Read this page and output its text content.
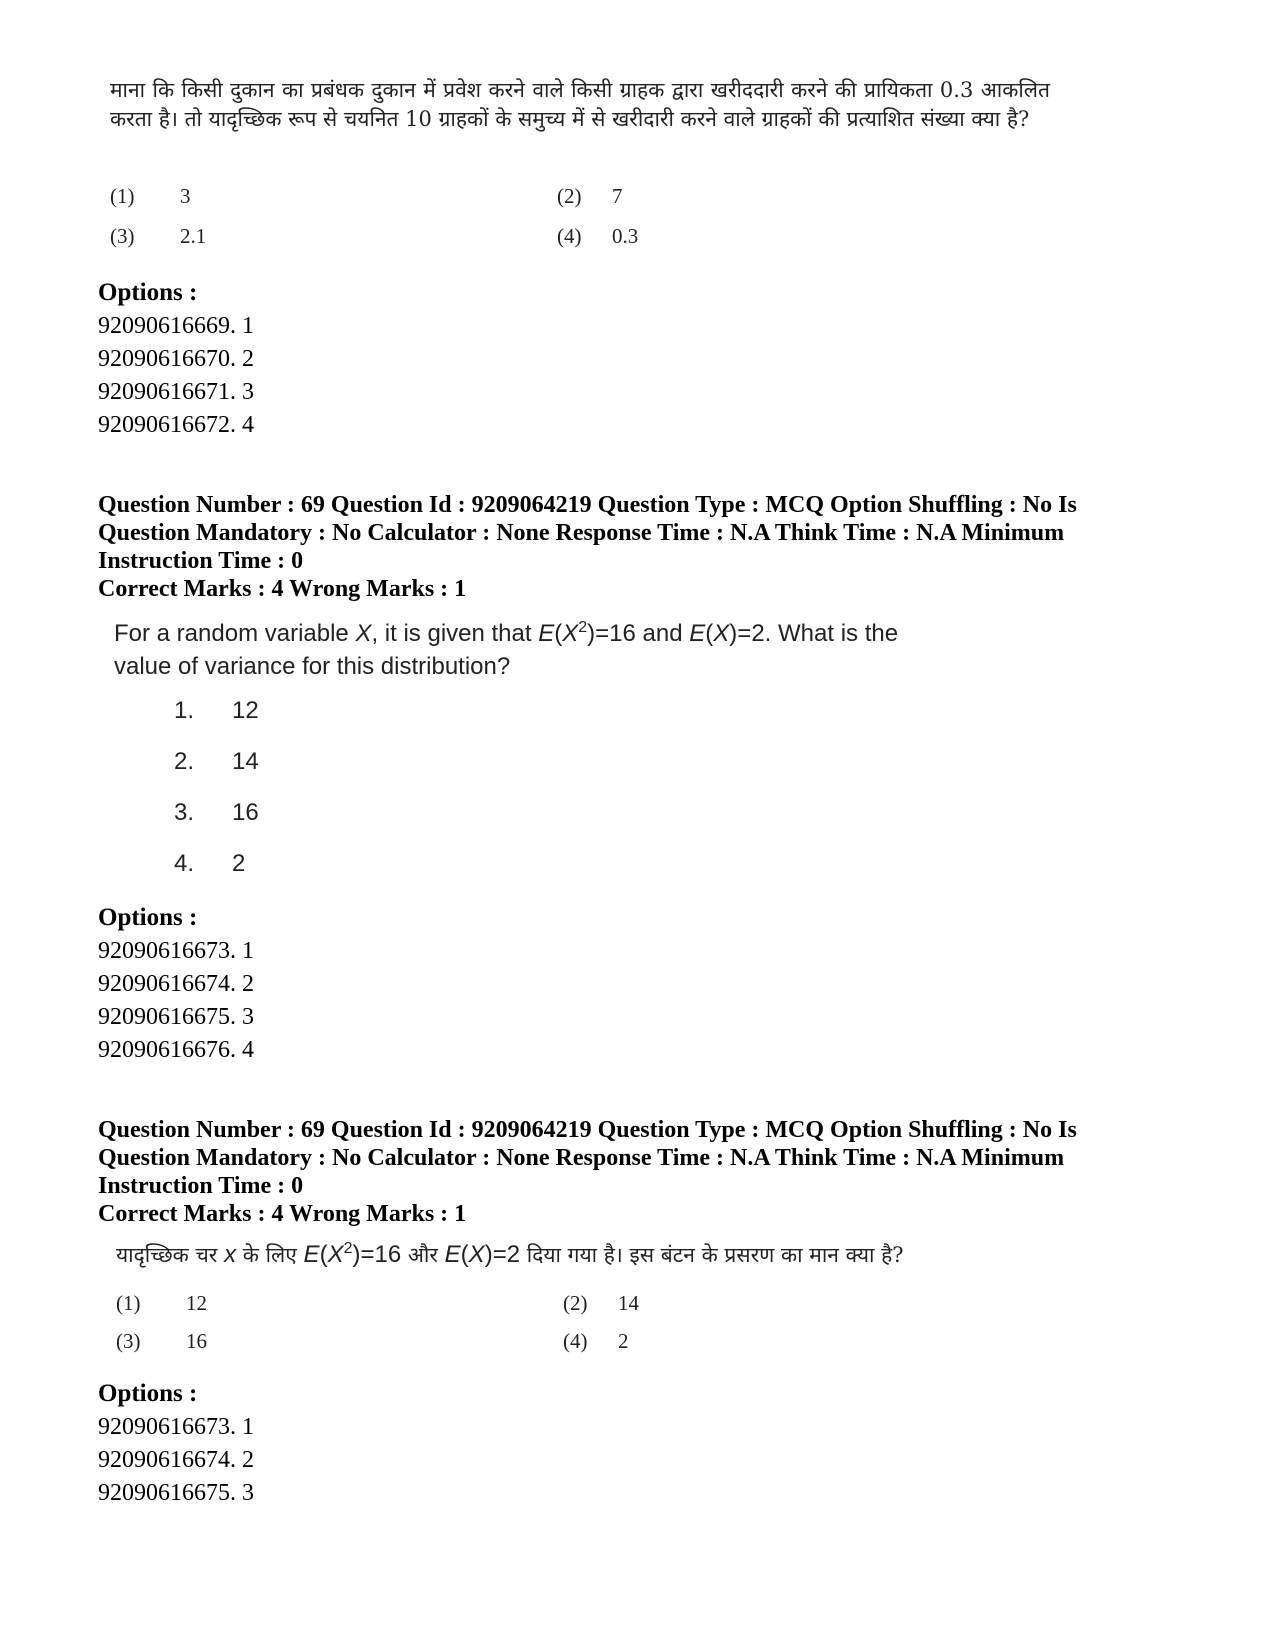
माना कि किसी दुकान का प्रबंधक दुकान में प्रवेश करने वाले किसी ग्राहक द्वारा खरीददारी करने की प्रायिकता 0.3 आकलित करता है। तो यादृच्छिक रूप से चयनित 10 ग्राहकों के समुच्य में से खरीदारी करने वाले ग्राहकों की प्रत्याशित संख्या क्या है?
(1) 3	(2) 7
(3) 2.1	(4) 0.3
Options :
92090616669. 1
92090616670. 2
92090616671. 3
92090616672. 4
Question Number : 69 Question Id : 9209064219 Question Type : MCQ Option Shuffling : No Is
Question Mandatory : No Calculator : None Response Time : N.A Think Time : N.A Minimum
Instruction Time : 0
Correct Marks : 4 Wrong Marks : 1
For a random variable X, it is given that $E(X^2)=16$ and E(X)=2. What is the
value of variance for this distribution?
1. 12
2. 14
3. 16
4. 2
Options :
92090616673. 1
92090616674. 2
92090616675. 3
92090616676. 4
Question Number : 69 Question Id : 9209064219 Question Type : MCQ Option Shuffling : No Is
Question Mandatory : No Calculator : None Response Time : N.A Think Time : N.A Minimum
Instruction Time : 0
Correct Marks : 4 Wrong Marks : 1
यादृच्छिक चर x के लिए $E(X^2)=16$ और E(X)=2 दिया गया है। इस बंटन के प्रसरण का मान क्या है?
(1) 12	(2) 14
(3) 16	(4) 2
Options :
92090616673. 1
92090616674. 2
92090616675. 3
